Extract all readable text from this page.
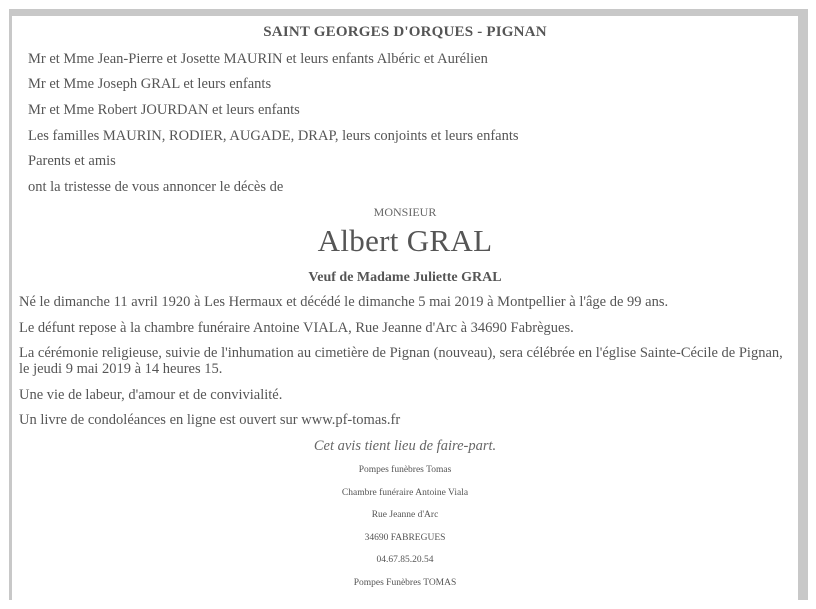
SAINT GEORGES D'ORQUES - PIGNAN
Mr et Mme Jean-Pierre et Josette MAURIN et leurs enfants Albéric et Aurélien
Mr et Mme Joseph GRAL et leurs enfants
Mr et Mme Robert JOURDAN et leurs enfants
Les familles MAURIN, RODIER, AUGADE, DRAP, leurs conjoints et leurs enfants
Parents et amis
ont la tristesse de vous annoncer le décès de
MONSIEUR
Albert GRAL
Veuf de Madame Juliette GRAL
Né le dimanche 11 avril 1920 à Les Hermaux et décédé le dimanche 5 mai 2019 à Montpellier à l'âge de 99 ans.
Le défunt repose à la chambre funéraire Antoine VIALA, Rue Jeanne d'Arc à 34690 Fabrègues.
La cérémonie religieuse, suivie de l'inhumation au cimetière de Pignan (nouveau), sera célébrée en l'église Sainte-Cécile de Pignan, le jeudi 9 mai 2019 à 14 heures 15.
Une vie de labeur, d'amour et de convivialité.
Un livre de condoléances en ligne est ouvert sur www.pf-tomas.fr
Cet avis tient lieu de faire-part.
Pompes funèbres Tomas
Chambre funéraire Antoine Viala
Rue Jeanne d'Arc
34690 FABREGUES
04.67.85.20.54
Pompes Funèbres TOMAS
